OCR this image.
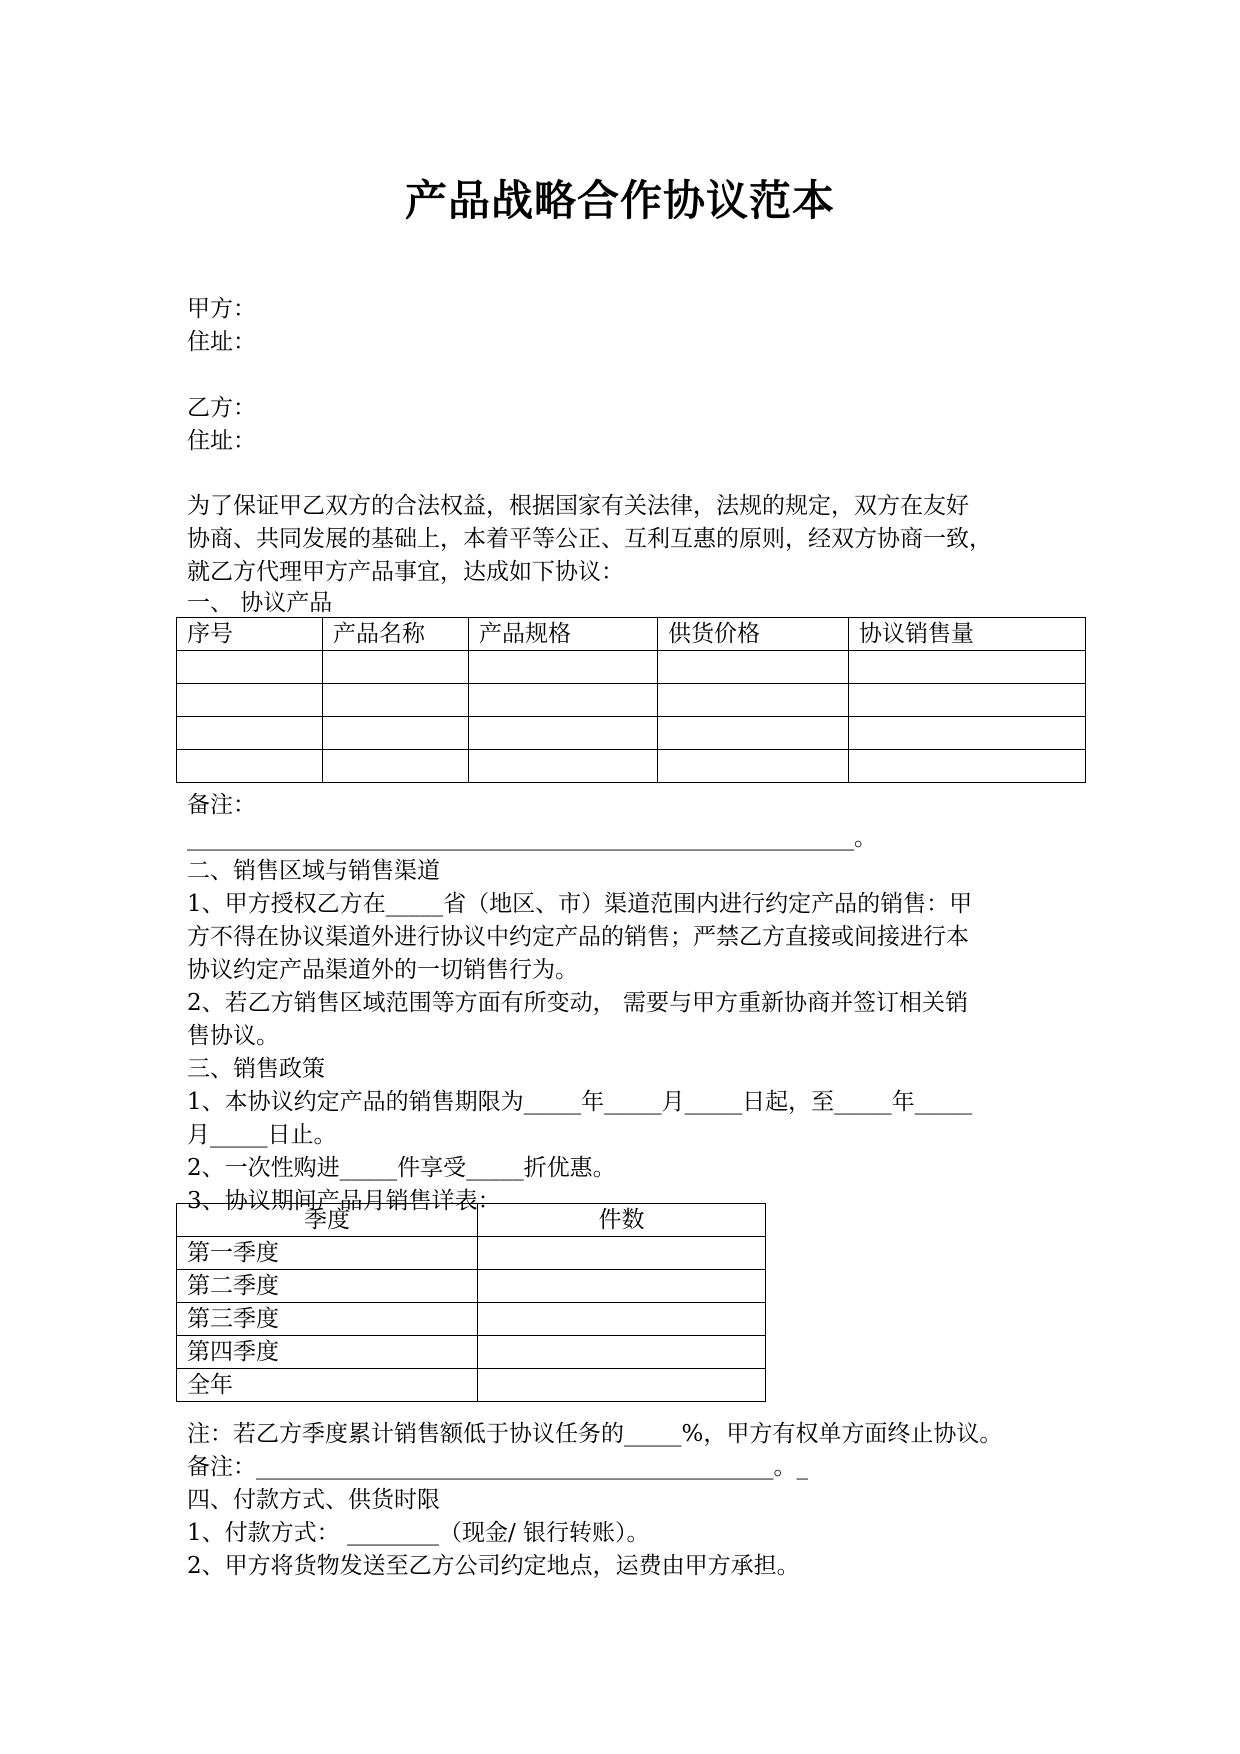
产品战略合作协议范本
甲方：
住址：
乙方：
住址：
为了保证甲乙双方的合法权益，根据国家有关法律，法规的规定，双方在友好
协商、共同发展的基础上，本着平等公正、互利互惠的原则，经双方协商一致，
就乙方代理甲方产品事宜，达成如下协议：
一、 协议产品
序号	产品名称	产品规格	供货价格	协议销售量

备注：
__________________________________________________________。
二、销售区域与销售渠道
1、甲方授权乙方在_____省（地区、市）渠道范围内进行约定产品的销售：甲
方不得在协议渠道外进行协议中约定产品的销售；严禁乙方直接或间接进行本
协议约定产品渠道外的一切销售行为。
2、若乙方销售区域范围等方面有所变动， 需要与甲方重新协商并签订相关销
售协议。
三、销售政策
1、本协议约定产品的销售期限为_____年_____月_____日起，至_____年_____
月_____日止。
2、一次性购进_____件享受_____折优惠。
3、协议期间产品月销售详表：
季度	件数
第一季度	
第二季度	
第三季度	
第四季度	
全年	
注：若乙方季度累计销售额低于协议任务的_____%，甲方有权单方面终止协议。
备注：_____________________________________________。_
四、付款方式、供货时限
1、付款方式： ________（现金/ 银行转账）。
2、甲方将货物发送至乙方公司约定地点，运费由甲方承担。
